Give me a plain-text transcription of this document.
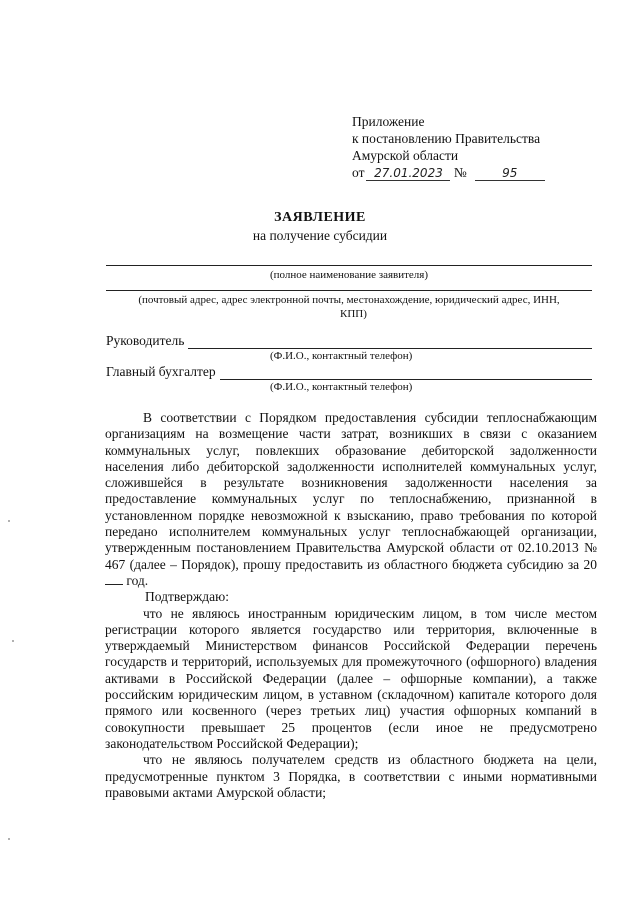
Приложение
к постановлению Правительства
Амурской области
от 27.01.2023 №	95
ЗАЯВЛЕНИЕ
на получение субсидии
(полное наименование заявителя)
(почтовый адрес, адрес электронной почты, местонахождение, юридический адрес, ИНН,
КПП)
Руководитель
(Ф.И.О., контактный телефон)
Главный бухгалтер
(Ф.И.О., контактный телефон)

В соответствии с Порядком предоставления субсидии теплоснабжающим организациям на возмещение части затрат, возникших в связи с оказанием коммунальных услуг, повлекших образование дебиторской задолженности населения либо дебиторской задолженности исполнителей коммунальных услуг, сложившейся в результате возникновения задолженности населения за предоставление коммунальных услуг по теплоснабжению, признанной в установленном порядке невозможной к взысканию, право требования по которой передано исполнителем коммунальных услуг теплоснабжающей организации, утвержденным постановлением Правительства Амурской области от 02.10.2013 № 467 (далее – Порядок), прошу предоставить из областного бюджета субсидию за 20  год.

Подтверждаю:

что не являюсь иностранным юридическим лицом, в том числе местом регистрации которого является государство или территория, включенные в утверждаемый Министерством финансов Российской Федерации перечень государств и территорий, используемых для промежуточного (офшорного) владения активами в Российской Федерации (далее – офшорные компании), а также российским юридическим лицом, в уставном (складочном) капитале которого доля прямого или косвенного (через третьих лиц) участия офшорных компаний в совокупности превышает 25 процентов (если иное не предусмотрено законодательством Российской Федерации);

что не являюсь получателем средств из областного бюджета на цели, предусмотренные пунктом 3 Порядка, в соответствии с иными нормативными правовыми актами Амурской области;
